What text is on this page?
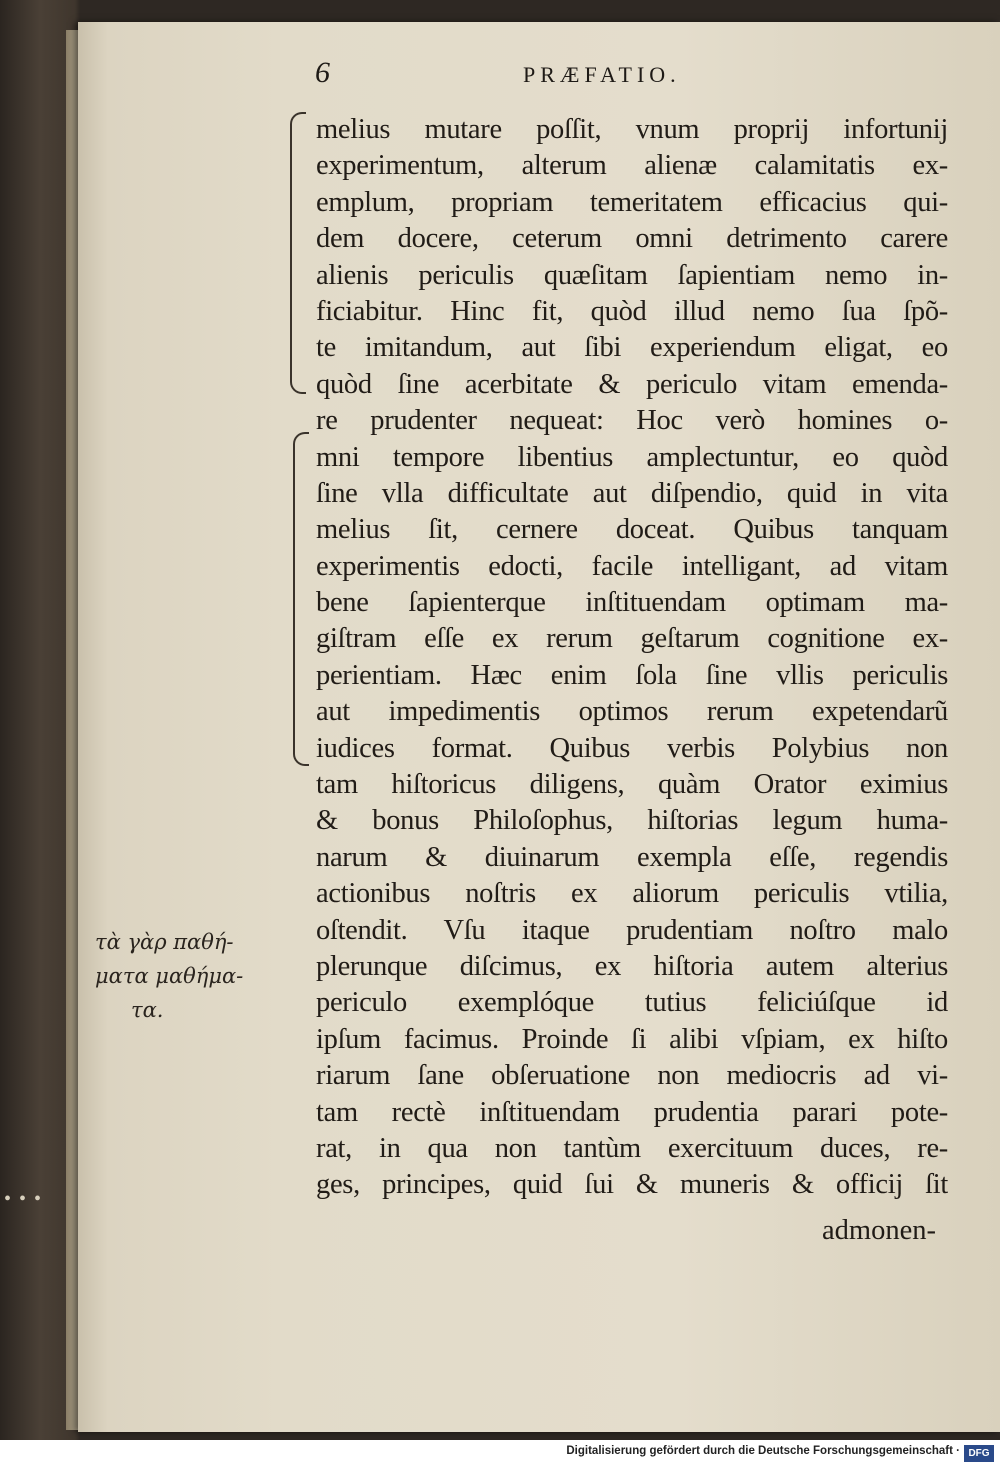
6	PRÆFATIO.
melius mutare poſſit, vnum proprij infortunij
experimentum, alterum alienæ calamitatis ex-
emplum, propriam temeritatem efficacius qui-
dem docere, ceterum omni detrimento carere
alienis periculis quæſitam ſapientiam nemo in-
ficiabitur. Hinc fit, quòd illud nemo ſua ſpõ-
te imitandum, aut ſibi experiendum eligat, eo
quòd ſine acerbitate & periculo vitam emenda-
re prudenter nequeat: Hoc verò homines o-
mni tempore libentius amplectuntur, eo quòd
ſine vlla difficultate aut diſpendio, quid in vita
melius ſit, cernere doceat. Quibus tanquam
experimentis edocti, facile intelligant, ad vitam
bene ſapienterque inſtituendam optimam ma-
giſtram eſſe ex rerum geſtarum cognitione ex-
perientiam. Hæc enim ſola ſine vllis periculis
aut impedimentis optimos rerum expetendarũ
iudices format. Quibus verbis Polybius non
tam hiſtoricus diligens, quàm Orator eximius
& bonus Philoſophus, hiſtorias legum huma-
narum & diuinarum exempla eſſe, regendis
actionibus noſtris ex aliorum periculis vtilia,
oſtendit. Vſu itaque prudentiam noſtro malo
plerunque diſcimus, ex hiſtoria autem alterius
periculo exemplóque tutius feliciúſque id
ipſum facimus. Proinde ſi alibi vſpiam, ex hiſto
riarum ſane obſeruatione non mediocris ad vi-
tam rectè inſtituendam prudentia parari pote-
rat, in qua non tantùm exercituum duces, re-
ges, principes, quid ſui & muneris & officij ſit
admonen-
τὰ γὰρ παθή-
ματα μαθήμα-
τα.
•••
Digitalisierung gefördert durch die Deutsche Forschungsgemeinschaft · DFG
